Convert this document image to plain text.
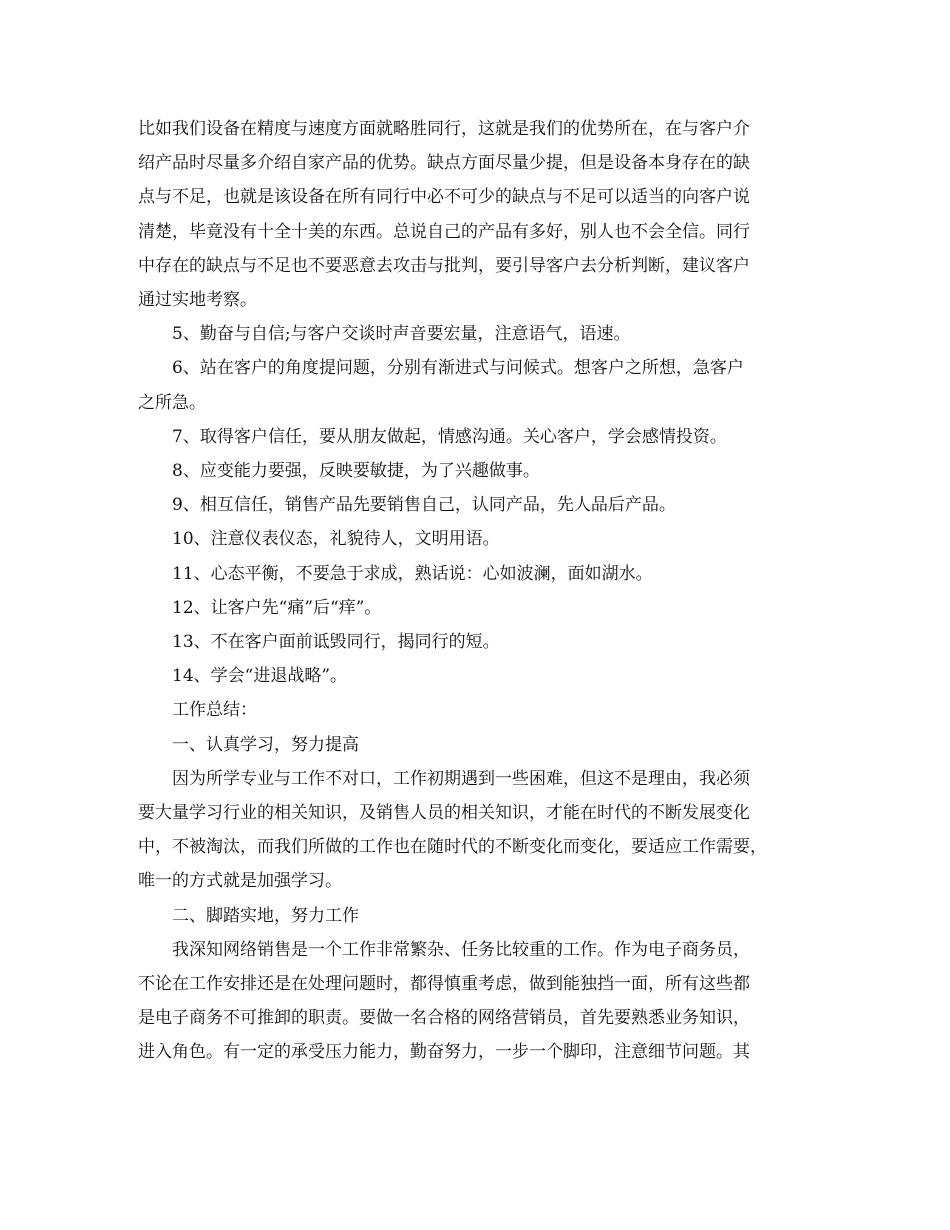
比如我们设备在精度与速度方面就略胜同行，这就是我们的优势所在，在与客户介
绍产品时尽量多介绍自家产品的优势。缺点方面尽量少提，但是设备本身存在的缺
点与不足，也就是该设备在所有同行中必不可少的缺点与不足可以适当的向客户说
清楚，毕竟没有十全十美的东西。总说自己的产品有多好，别人也不会全信。同行
中存在的缺点与不足也不要恶意去攻击与批判，要引导客户去分析判断，建议客户
通过实地考察。

5、勤奋与自信;与客户交谈时声音要宏量，注意语气，语速。

6、站在客户的角度提问题，分别有渐进式与问候式。想客户之所想，急客户
之所急。

7、取得客户信任，要从朋友做起，情感沟通。关心客户，学会感情投资。

8、应变能力要强，反映要敏捷，为了兴趣做事。

9、相互信任，销售产品先要销售自己，认同产品，先人品后产品。

10、注意仪表仪态，礼貌待人，文明用语。

11、心态平衡，不要急于求成，熟话说：心如波澜，面如湖水。

12、让客户先“痛”后“痒”。

13、不在客户面前诋毁同行，揭同行的短。

14、学会“进退战略”。

工作总结：

一、认真学习，努力提高

因为所学专业与工作不对口，工作初期遇到一些困难，但这不是理由，我必须
要大量学习行业的相关知识，及销售人员的相关知识，才能在时代的不断发展变化
中，不被淘汰，而我们所做的工作也在随时代的不断变化而变化，要适应工作需要，
唯一的方式就是加强学习。

二、脚踏实地，努力工作

我深知网络销售是一个工作非常繁杂、任务比较重的工作。作为电子商务员，
不论在工作安排还是在处理问题时，都得慎重考虑，做到能独挡一面，所有这些都
是电子商务不可推卸的职责。要做一名合格的网络营销员，首先要熟悉业务知识，
进入角色。有一定的承受压力能力，勤奋努力，一步一个脚印，注意细节问题。其
